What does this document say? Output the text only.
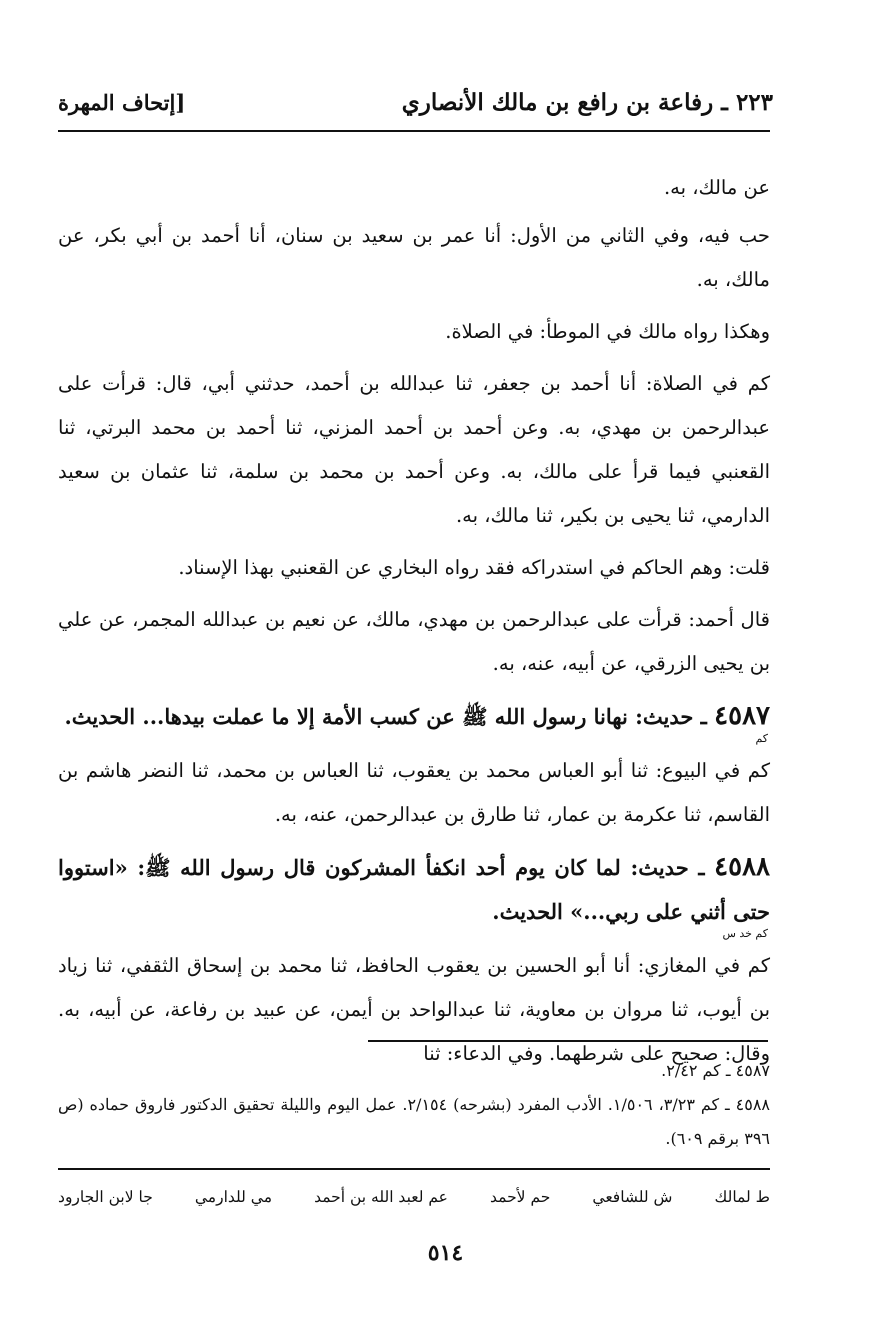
٢٢٣ ـ رفاعة بن رافع بن مالك الأنصاري
[إتحاف المهرة

عن مالك، به.

حب فيه، وفي الثاني من الأول: أنا عمر بن سعيد بن سنان، أنا أحمد بن أبي بكر، عن مالك، به.

وهكذا رواه مالك في الموطأ: في الصلاة.

كم في الصلاة: أنا أحمد بن جعفر، ثنا عبدالله بن أحمد، حدثني أبي، قال: قرأت على عبدالرحمن بن مهدي، به. وعن أحمد بن أحمد المزني، ثنا أحمد بن محمد البرتي، ثنا القعنبي فيما قرأ على مالك، به. وعن أحمد بن محمد بن سلمة، ثنا عثمان بن سعيد الدارمي، ثنا يحيى بن بكير، ثنا مالك، به.

قلت: وهم الحاكم في استدراكه فقد رواه البخاري عن القعنبي بهذا الإسناد.

قال أحمد: قرأت على عبدالرحمن بن مهدي، مالك، عن نعيم بن عبدالله المجمر، عن علي بن يحيى الزرقي، عن أبيه، عنه، به.

٤٥٨٧ ـ حديث: نهانا رسول الله ﷺ عن كسب الأمة إلا ما عملت بيدها... الحديث.
كم

كم في البيوع: ثنا أبو العباس محمد بن يعقوب، ثنا العباس بن محمد، ثنا النضر هاشم بن القاسم، ثنا عكرمة بن عمار، ثنا طارق بن عبدالرحمن، عنه، به.

٤٥٨٨ ـ حديث: لما كان يوم أحد انكفأ المشركون قال رسول الله ﷺ: «استووا حتى أثني على ربي...» الحديث.
كم خد س

كم في المغازي: أنا أبو الحسين بن يعقوب الحافظ، ثنا محمد بن إسحاق الثقفي، ثنا زياد بن أيوب، ثنا مروان بن معاوية، ثنا عبدالواحد بن أيمن، عن عبيد بن رفاعة، عن أبيه، به. وقال: صحيح على شرطهما. وفي الدعاء: ثنا

٤٥٨٧ ـ كم ٢/٤٢.

٤٥٨٨ ـ كم ٣/٢٣، ١/٥٠٦. الأدب المفرد (بشرحه) ٢/١٥٤. عمل اليوم والليلة تحقيق الدكتور فاروق حماده (ص ٣٩٦ برقم ٦٠٩).

ط لمالك
ش للشافعي
حم لأحمد
عم لعبد الله بن أحمد
مي للدارمي
جا لابن الجارود
٥١٤
